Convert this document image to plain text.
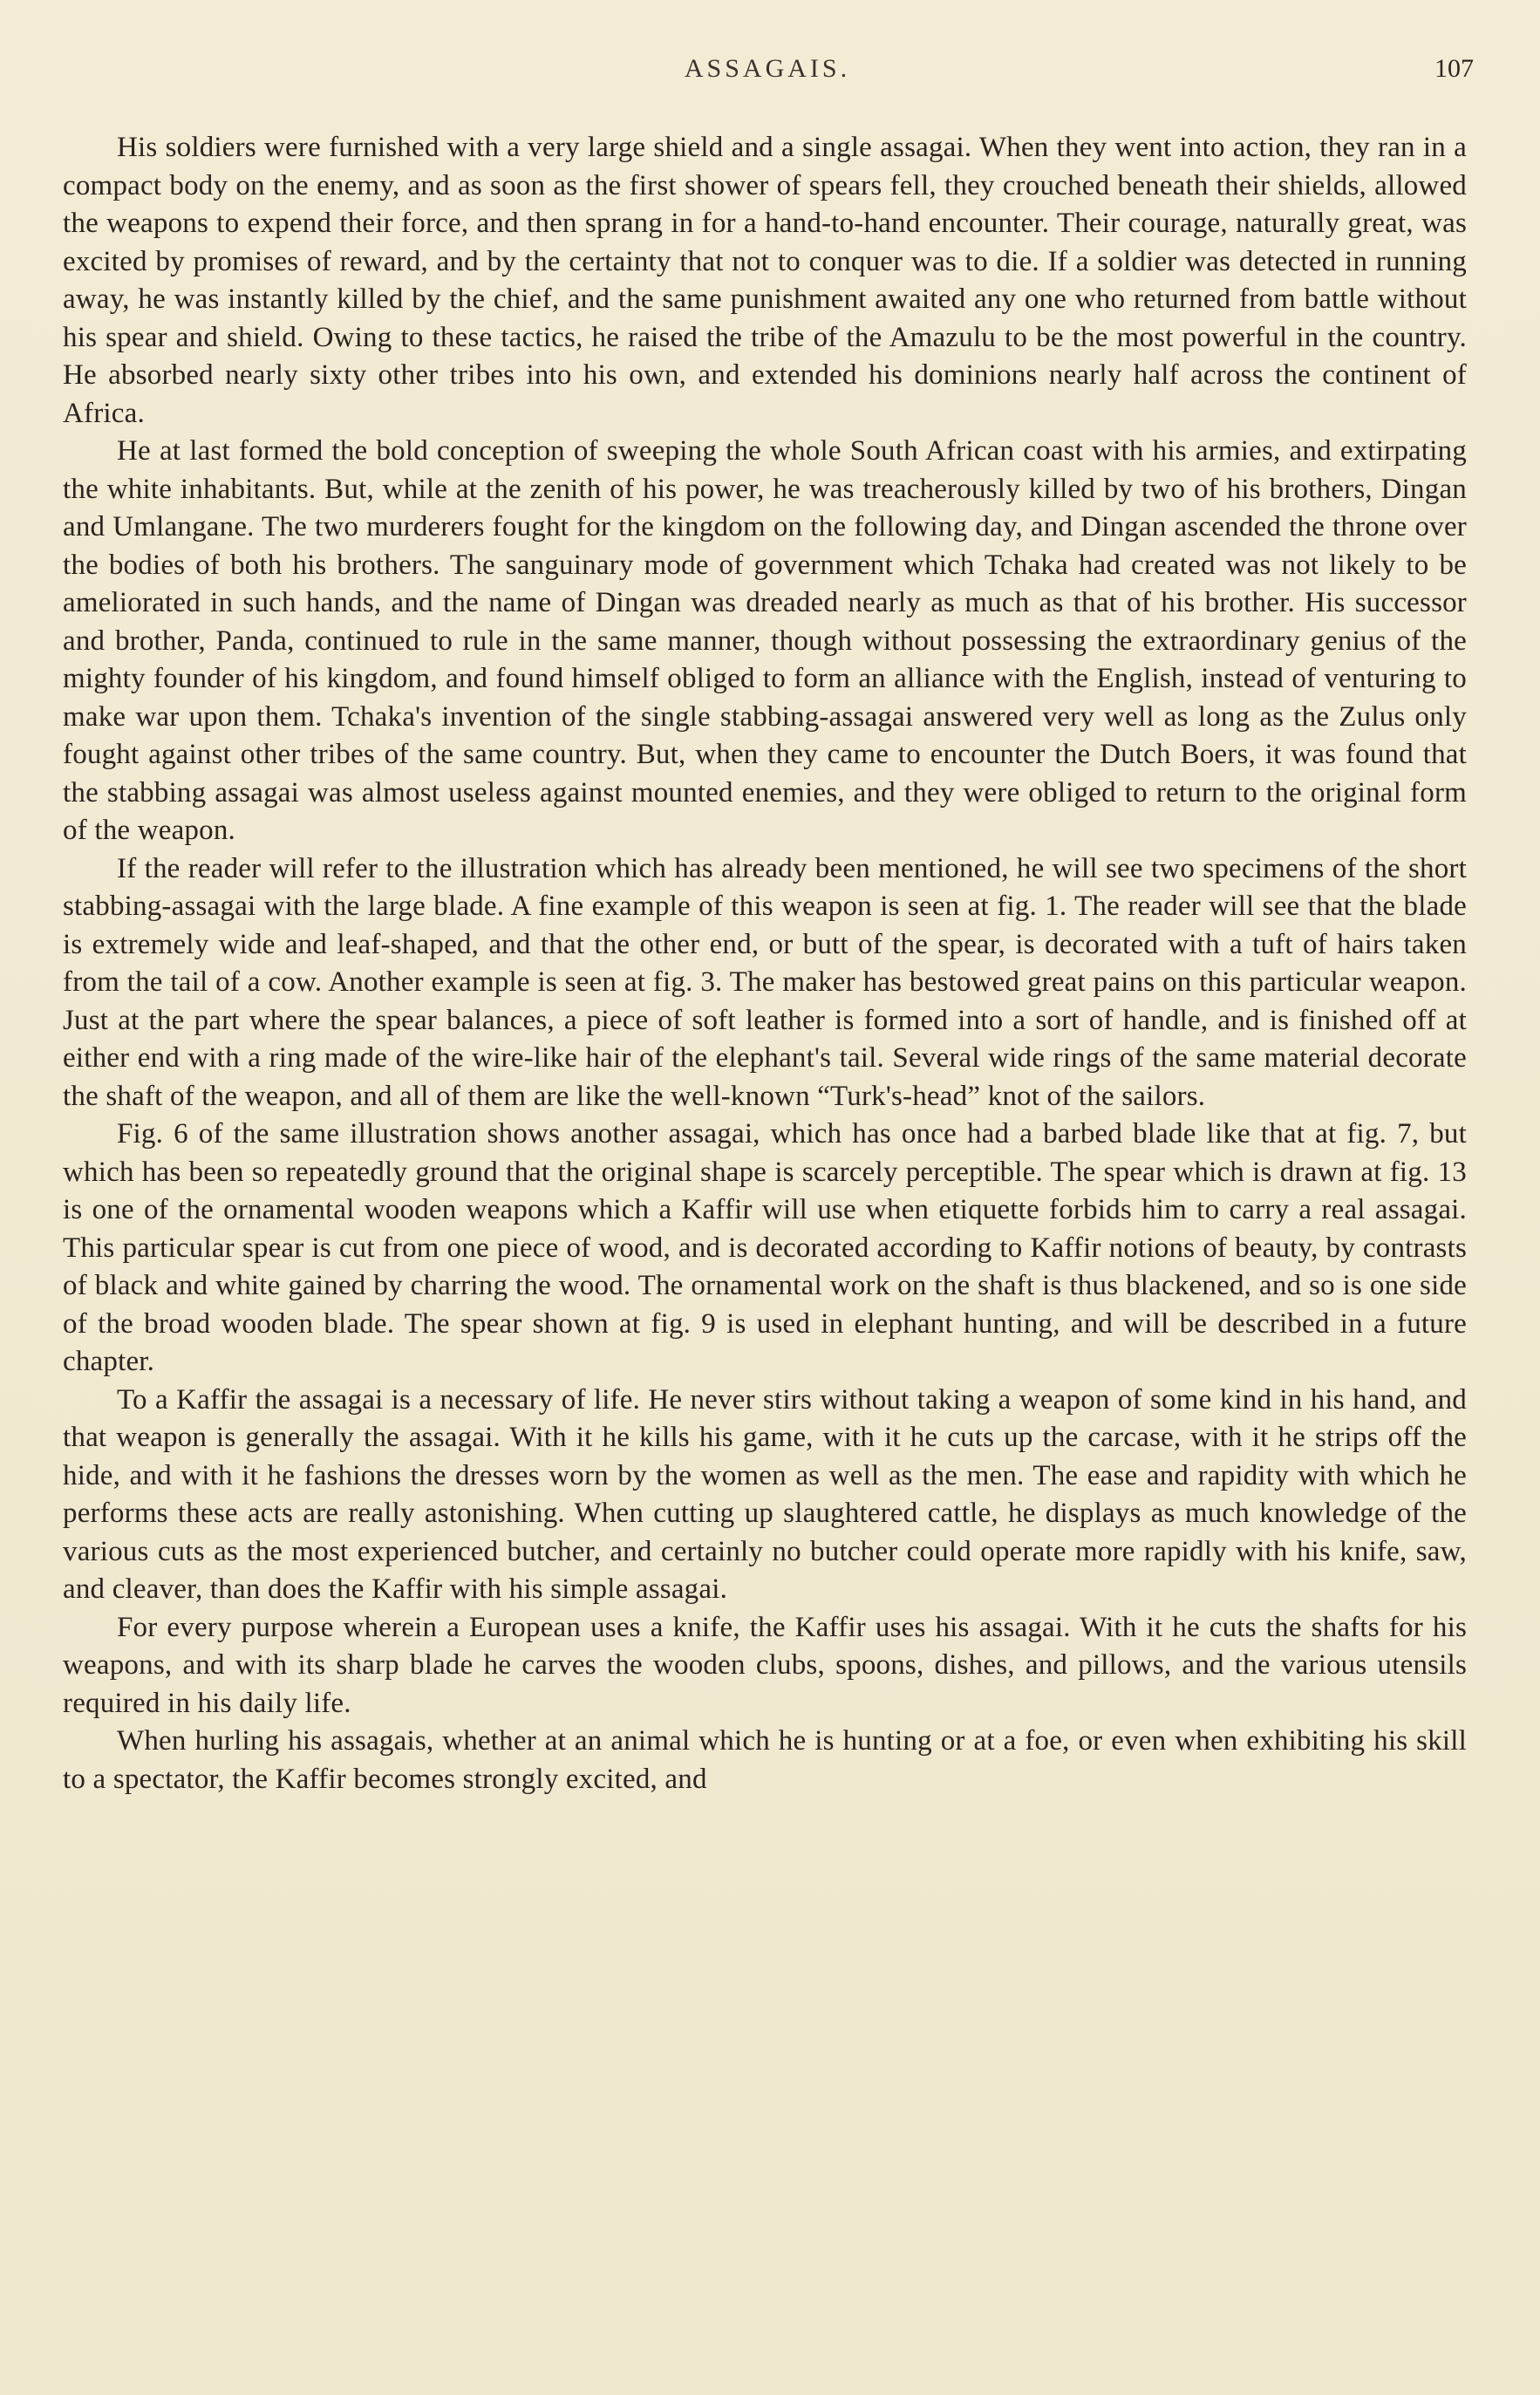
ASSAGAIS.	107

His soldiers were furnished with a very large shield and a single assagai. When they went into action, they ran in a compact body on the enemy, and as soon as the first shower of spears fell, they crouched beneath their shields, allowed the weapons to expend their force, and then sprang in for a hand-to-hand encounter. Their courage, naturally great, was excited by promises of reward, and by the certainty that not to conquer was to die. If a soldier was detected in running away, he was instantly killed by the chief, and the same punishment awaited any one who returned from battle without his spear and shield. Owing to these tactics, he raised the tribe of the Amazulu to be the most powerful in the country. He absorbed nearly sixty other tribes into his own, and extended his dominions nearly half across the continent of Africa.

He at last formed the bold conception of sweeping the whole South African coast with his armies, and extirpating the white inhabitants. But, while at the zenith of his power, he was treacherously killed by two of his brothers, Dingan and Umlangane. The two murderers fought for the kingdom on the following day, and Dingan ascended the throne over the bodies of both his brothers. The sanguinary mode of government which Tchaka had created was not likely to be ameliorated in such hands, and the name of Dingan was dreaded nearly as much as that of his brother. His successor and brother, Panda, continued to rule in the same manner, though without possessing the extraordinary genius of the mighty founder of his kingdom, and found himself obliged to form an alliance with the English, instead of venturing to make war upon them. Tchaka's invention of the single stabbing-assagai answered very well as long as the Zulus only fought against other tribes of the same country. But, when they came to encounter the Dutch Boers, it was found that the stabbing assagai was almost useless against mounted enemies, and they were obliged to return to the original form of the weapon.

If the reader will refer to the illustration which has already been mentioned, he will see two specimens of the short stabbing-assagai with the large blade. A fine example of this weapon is seen at fig. 1. The reader will see that the blade is extremely wide and leaf-shaped, and that the other end, or butt of the spear, is decorated with a tuft of hairs taken from the tail of a cow. Another example is seen at fig. 3. The maker has bestowed great pains on this particular weapon. Just at the part where the spear balances, a piece of soft leather is formed into a sort of handle, and is finished off at either end with a ring made of the wire-like hair of the elephant's tail. Several wide rings of the same material decorate the shaft of the weapon, and all of them are like the well-known “Turk's-head” knot of the sailors.

Fig. 6 of the same illustration shows another assagai, which has once had a barbed blade like that at fig. 7, but which has been so repeatedly ground that the original shape is scarcely perceptible. The spear which is drawn at fig. 13 is one of the ornamental wooden weapons which a Kaffir will use when etiquette forbids him to carry a real assagai. This particular spear is cut from one piece of wood, and is decorated according to Kaffir notions of beauty, by contrasts of black and white gained by charring the wood. The ornamental work on the shaft is thus blackened, and so is one side of the broad wooden blade. The spear shown at fig. 9 is used in elephant hunting, and will be described in a future chapter.

To a Kaffir the assagai is a necessary of life. He never stirs without taking a weapon of some kind in his hand, and that weapon is generally the assagai. With it he kills his game, with it he cuts up the carcase, with it he strips off the hide, and with it he fashions the dresses worn by the women as well as the men. The ease and rapidity with which he performs these acts are really astonishing. When cutting up slaughtered cattle, he displays as much knowledge of the various cuts as the most experienced butcher, and certainly no butcher could operate more rapidly with his knife, saw, and cleaver, than does the Kaffir with his simple assagai.

For every purpose wherein a European uses a knife, the Kaffir uses his assagai. With it he cuts the shafts for his weapons, and with its sharp blade he carves the wooden clubs, spoons, dishes, and pillows, and the various utensils required in his daily life.

When hurling his assagais, whether at an animal which he is hunting or at a foe, or even when exhibiting his skill to a spectator, the Kaffir becomes strongly excited, and
